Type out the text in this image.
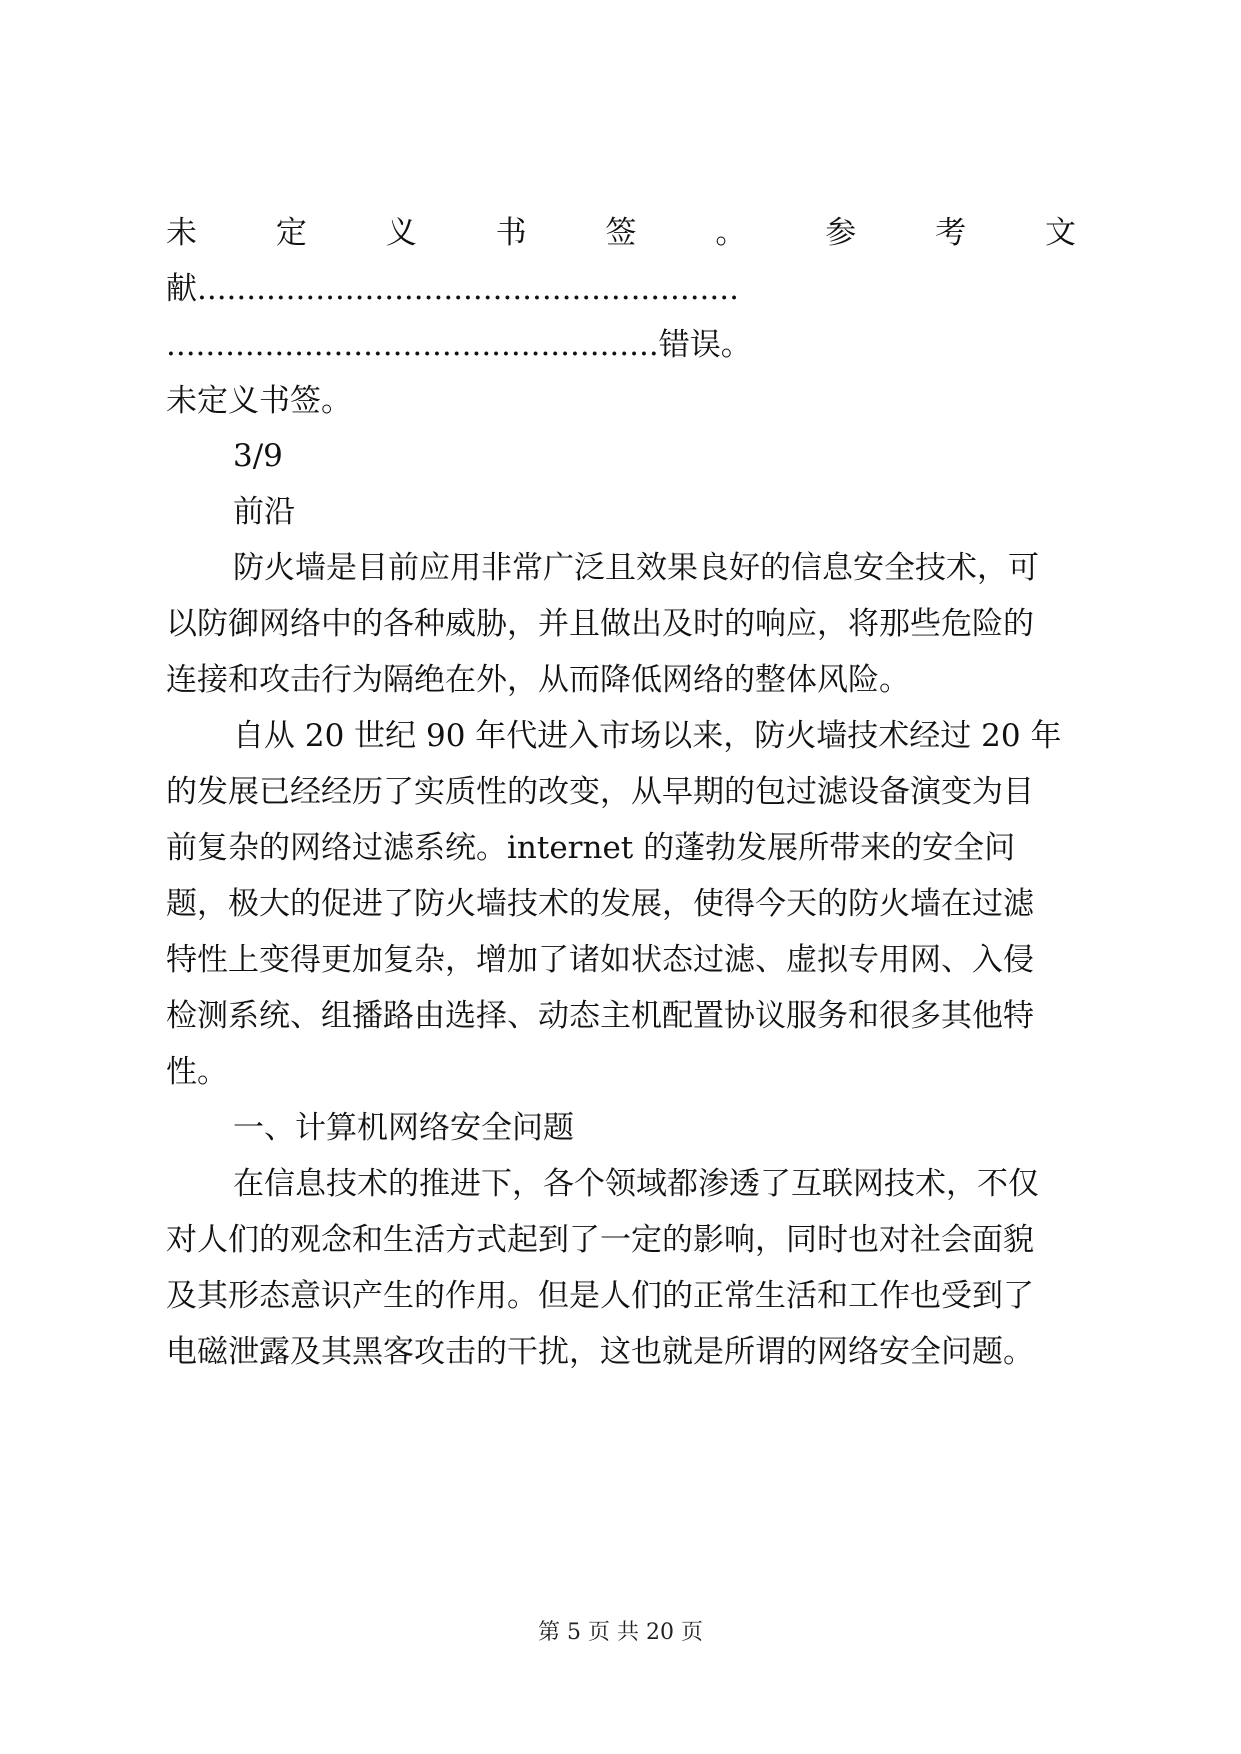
未	定	义	书	签	。	参	考	文
献.......................................................
..................................................错误。
未定义书签。
3/9
前沿
防火墙是目前应用非常广泛且效果良好的信息安全技术，可
以防御网络中的各种威胁，并且做出及时的响应，将那些危险的
连接和攻击行为隔绝在外，从而降低网络的整体风险。
自从 20 世纪 90 年代进入市场以来，防火墙技术经过 20 年
的发展已经经历了实质性的改变，从早期的包过滤设备演变为目
前复杂的网络过滤系统。internet 的蓬勃发展所带来的安全问
题，极大的促进了防火墙技术的发展，使得今天的防火墙在过滤
特性上变得更加复杂，增加了诸如状态过滤、虚拟专用网、入侵
检测系统、组播路由选择、动态主机配置协议服务和很多其他特
性。
一、计算机网络安全问题
在信息技术的推进下，各个领域都渗透了互联网技术，不仅
对人们的观念和生活方式起到了一定的影响，同时也对社会面貌
及其形态意识产生的作用。但是人们的正常生活和工作也受到了
电磁泄露及其黑客攻击的干扰，这也就是所谓的网络安全问题。
第 5 页 共 20 页
